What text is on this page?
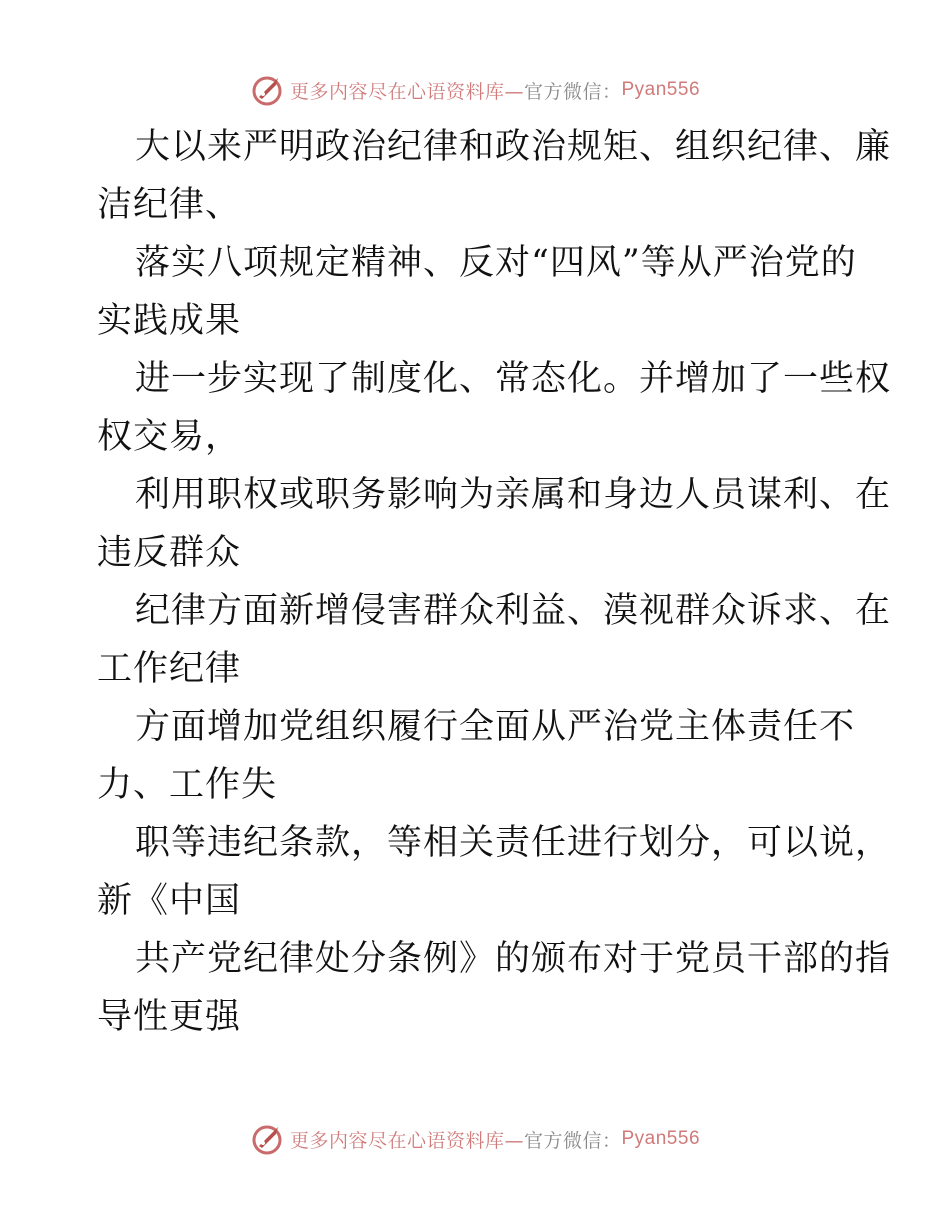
更多内容尽在心语资料库— 官方微信： Pyan556

大以来严明政治纪律和政治规矩、组织纪律、廉
洁纪律、

落实八项规定精神、反对“四风”等从严治党的
实践成果

进一步实现了制度化、常态化。并增加了一些权
权交易，

利用职权或职务影响为亲属和身边人员谋利、在
违反群众

纪律方面新增侵害群众利益、漠视群众诉求、在
工作纪律

方面增加党组织履行全面从严治党主体责任不
力、工作失

职等违纪条款，等相关责任进行划分，可以说，
新《中国

共产党纪律处分条例》的颁布对于党员干部的指
导性更强

更多内容尽在心语资料库— 官方微信： Pyan556
